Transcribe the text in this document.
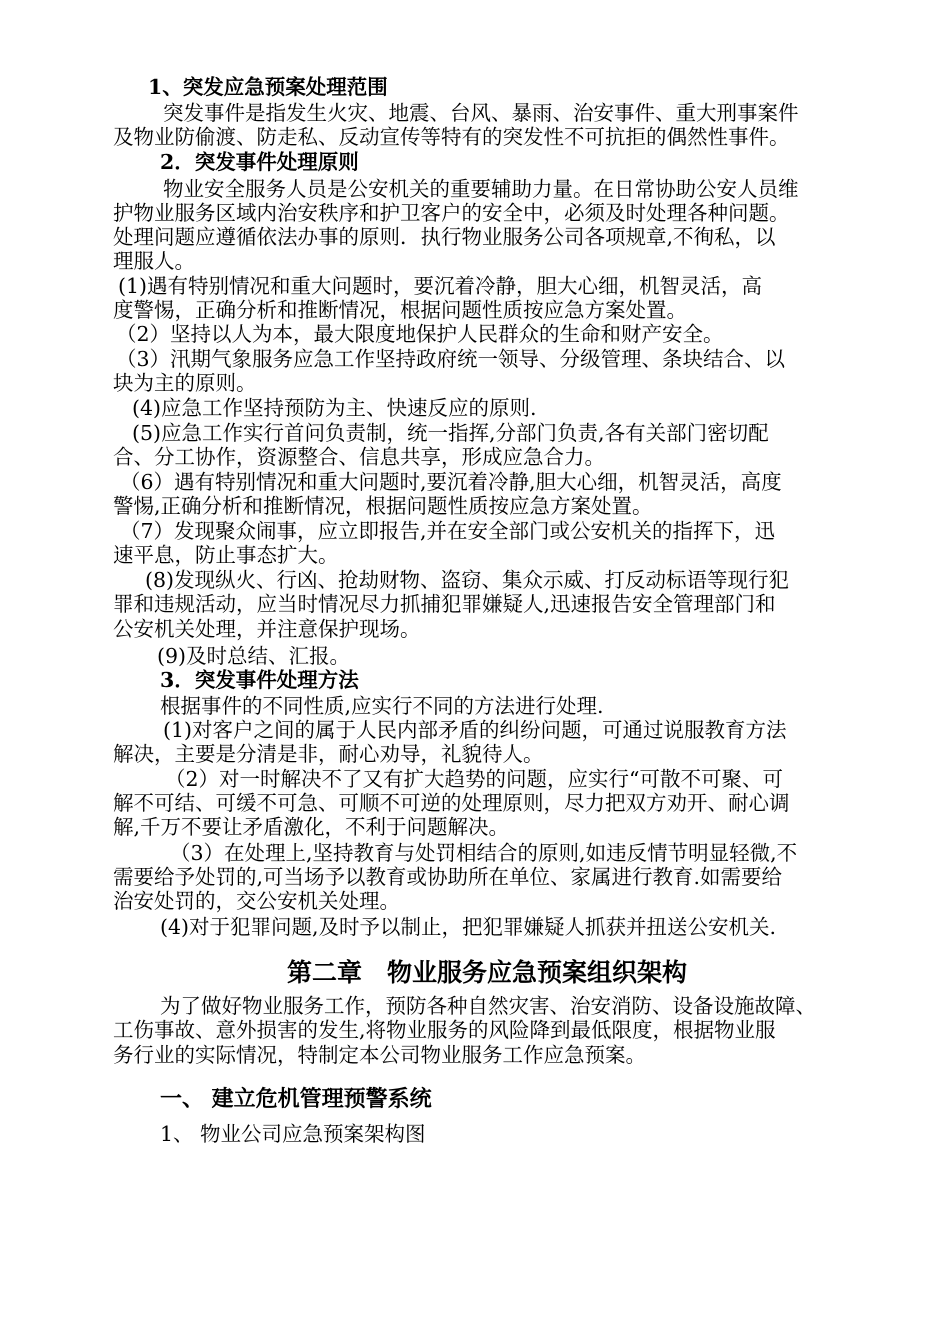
1、突发应急预案处理范围
突发事件是指发生火灾、地震、台风、暴雨、治安事件、重大刑事案件
及物业防偷渡、防走私、反动宣传等特有的突发性不可抗拒的偶然性事件。
2．突发事件处理原则
物业安全服务人员是公安机关的重要辅助力量。在日常协助公安人员维
护物业服务区域内治安秩序和护卫客户的安全中，必须及时处理各种问题。
处理问题应遵循依法办事的原则．执行物业服务公司各项规章,不徇私，以
理服人。
(1)遇有特别情况和重大问题时，要沉着冷静，胆大心细，机智灵活，高
度警惕，正确分析和推断情况，根据问题性质按应急方案处置。
（2）坚持以人为本，最大限度地保护人民群众的生命和财产安全。
（3）汛期气象服务应急工作坚持政府统一领导、分级管理、条块结合、以
块为主的原则。
(4)应急工作坚持预防为主、快速反应的原则.
(5)应急工作实行首问负责制，统一指挥,分部门负责,各有关部门密切配
合、分工协作，资源整合、信息共享，形成应急合力。
（6）遇有特别情况和重大问题时,要沉着冷静,胆大心细，机智灵活，高度
警惕,正确分析和推断情况，根据问题性质按应急方案处置。
（7）发现聚众闹事，应立即报告,并在安全部门或公安机关的指挥下，迅
速平息，防止事态扩大。
(8)发现纵火、行凶、抢劫财物、盗窃、集众示威、打反动标语等现行犯
罪和违规活动，应当时情况尽力抓捕犯罪嫌疑人,迅速报告安全管理部门和
公安机关处理，并注意保护现场。
(9)及时总结、汇报。
3．突发事件处理方法
根据事件的不同性质,应实行不同的方法进行处理.
(1)对客户之间的属于人民内部矛盾的纠纷问题，可通过说服教育方法
解决，主要是分清是非，耐心劝导，礼貌待人。
（2）对一时解决不了又有扩大趋势的问题，应实行“可散不可聚、可
解不可结、可缓不可急、可顺不可逆的处理原则，尽力把双方劝开、耐心调
解,千万不要让矛盾激化，不利于问题解决。
（3）在处理上,坚持教育与处罚相结合的原则,如违反情节明显轻微,不
需要给予处罚的,可当场予以教育或协助所在单位、家属进行教育.如需要给
治安处罚的，交公安机关处理。
(4)对于犯罪问题,及时予以制止，把犯罪嫌疑人抓获并扭送公安机关.
第二章　物业服务应急预案组织架构
为了做好物业服务工作，预防各种自然灾害、治安消防、设备设施故障、
工伤事故、意外损害的发生,将物业服务的风险降到最低限度，根据物业服
务行业的实际情况，特制定本公司物业服务工作应急预案。
一、 建立危机管理预警系统
1、 物业公司应急预案架构图
